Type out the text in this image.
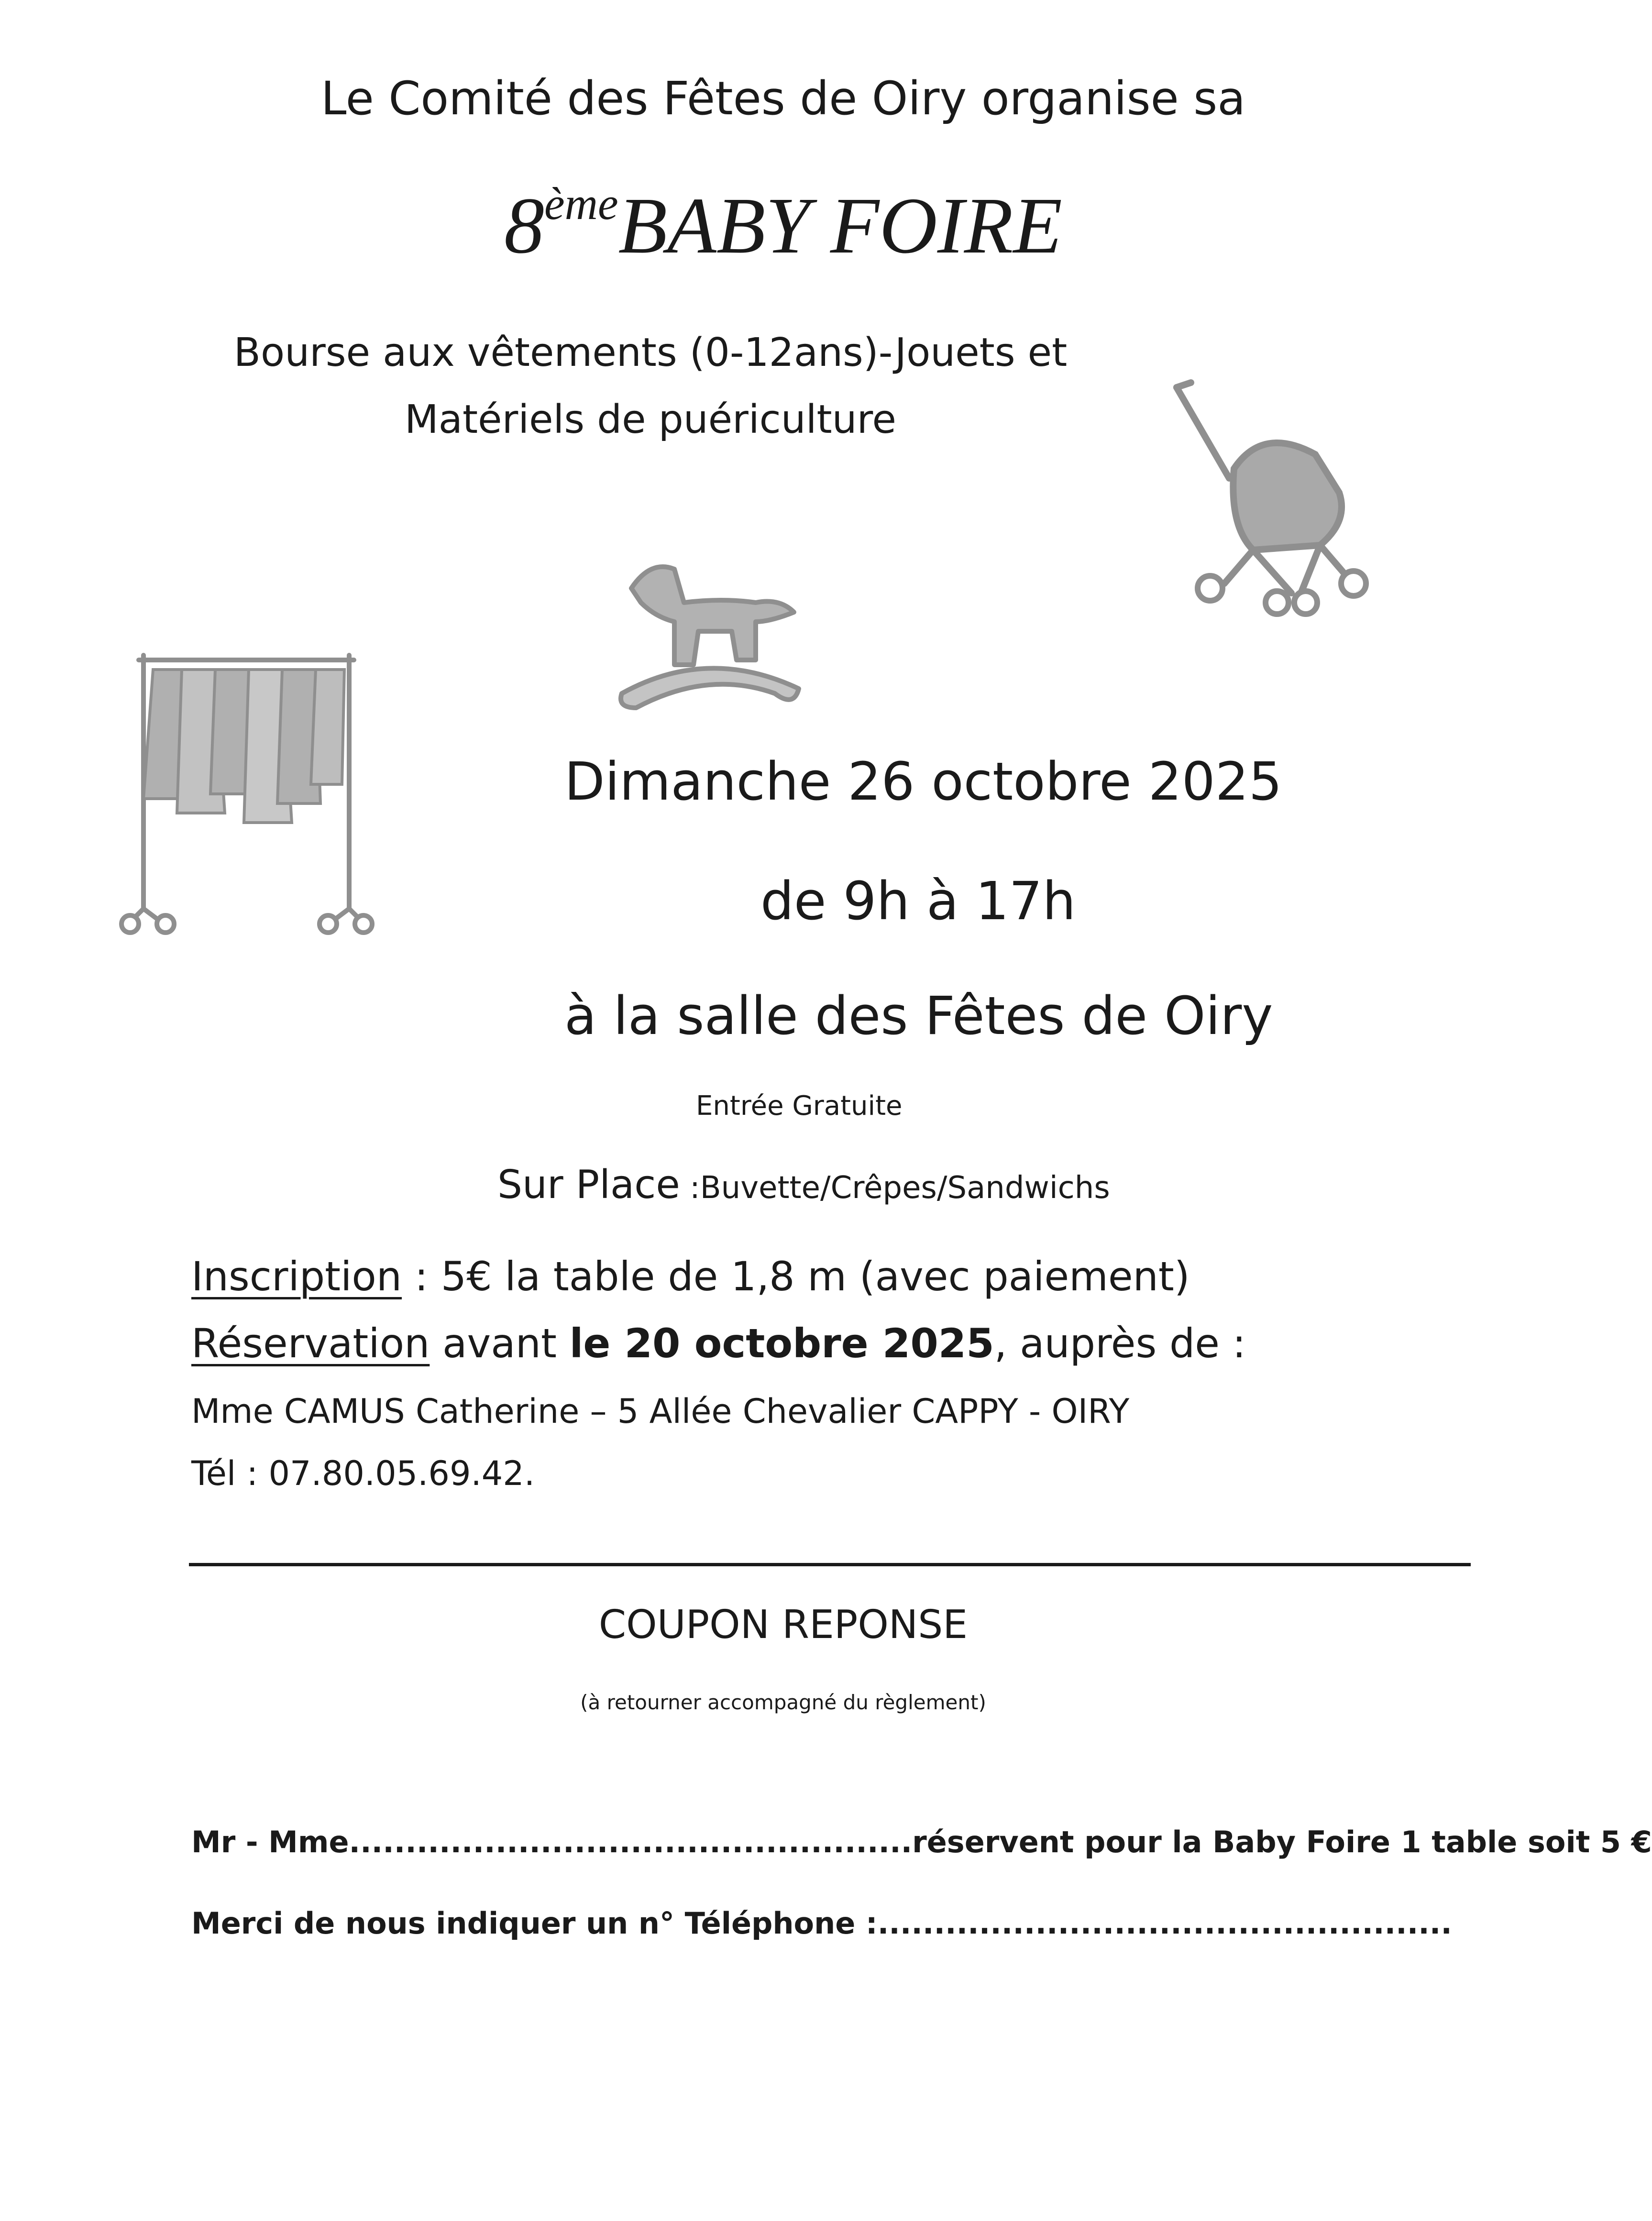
Le Comité des Fêtes de Oiry organise sa
8èmeBABY FOIRE
Bourse aux vêtements (0-12ans)-Jouets et
Matériels de puériculture
Dimanche 26 octobre 2025
de 9h à 17h
à la salle des Fêtes de Oiry
Entrée Gratuite
Sur Place :Buvette/Crêpes/Sandwichs
Inscription : 5€ la table de 1,8 m (avec paiement)
Réservation avant le 20 octobre 2025, auprès de :
Mme CAMUS Catherine – 5 Allée Chevalier CAPPY - OIRY
Tél : 07.80.05.69.42.
COUPON REPONSE
(à retourner accompagné du règlement)
Mr - Mme..................................................réservent pour la Baby Foire 1 table soit 5 €
Merci de nous indiquer un n° Téléphone :...................................................
